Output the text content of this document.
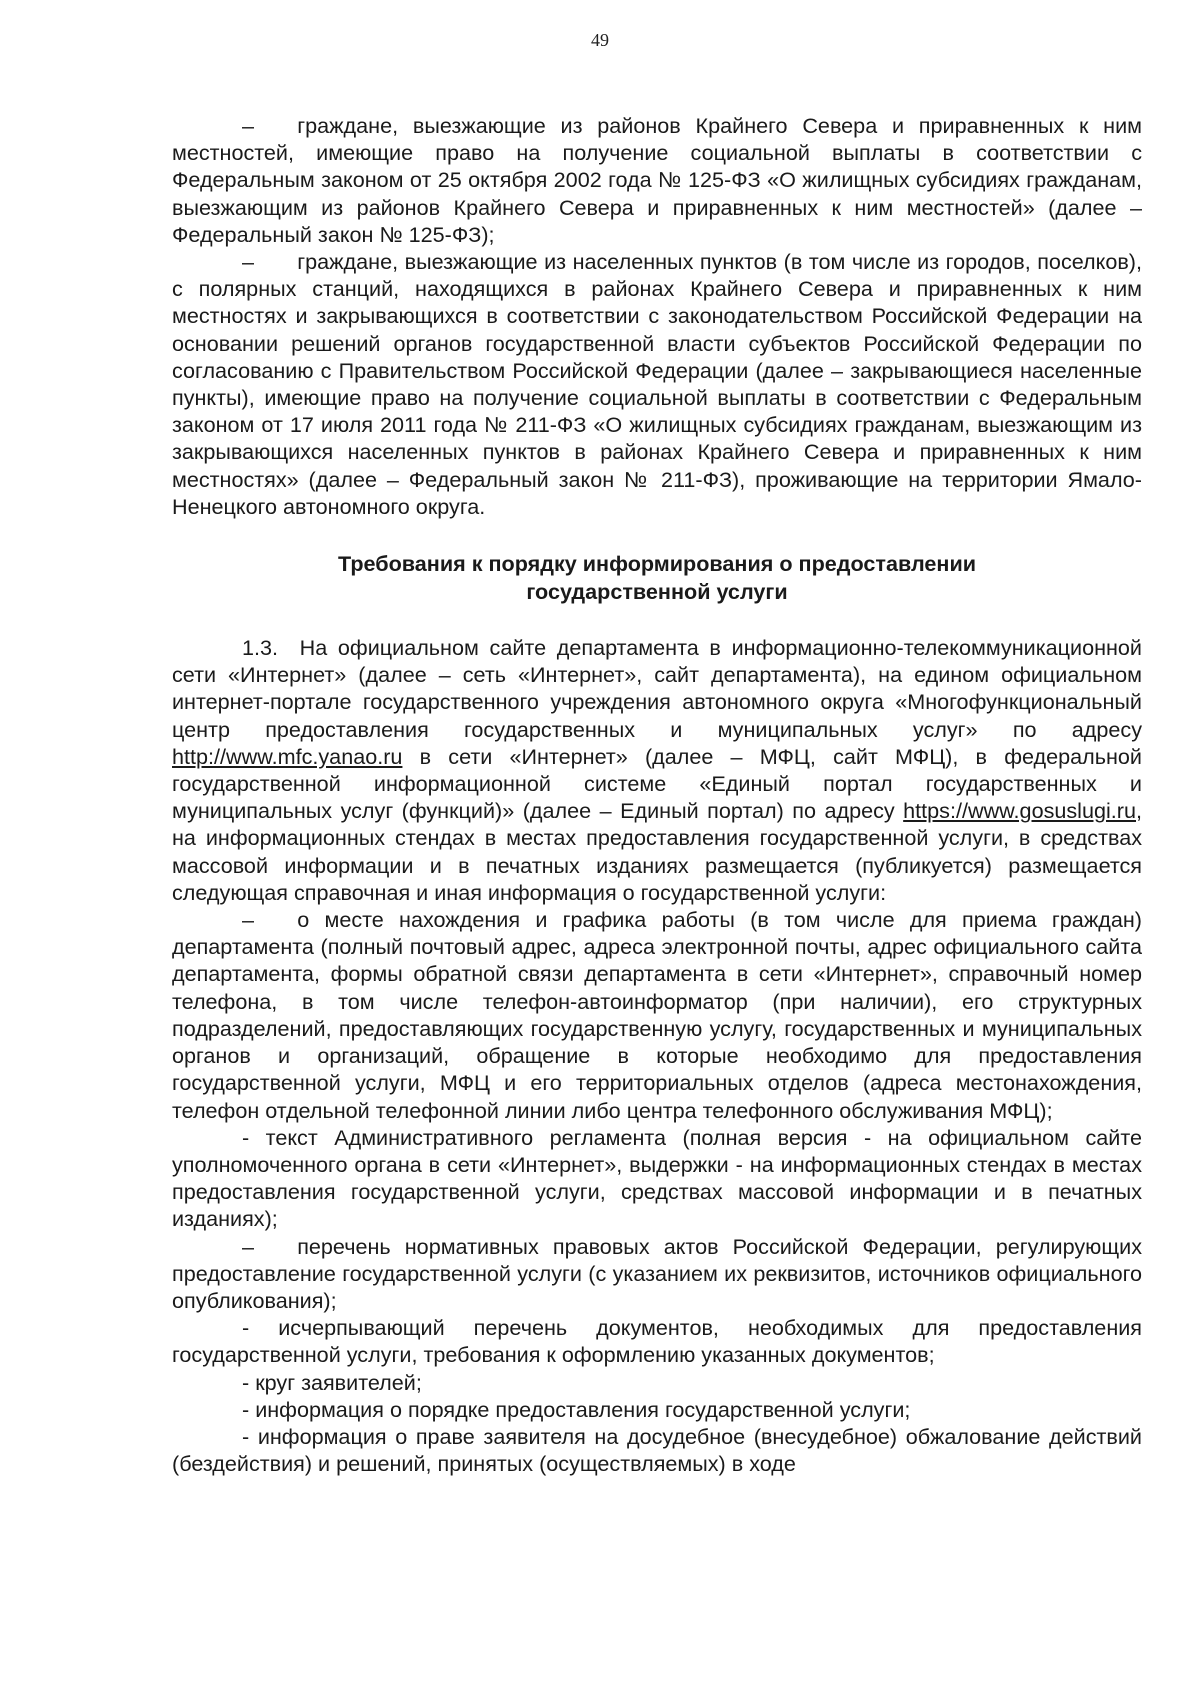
49

–  граждане, выезжающие из районов Крайнего Севера и приравненных к ним местностей, имеющие право на получение социальной выплаты в соответствии с Федеральным законом от 25 октября 2002 года № 125-ФЗ «О жилищных субсидиях гражданам, выезжающим из районов Крайнего Севера и приравненных к ним местностей» (далее – Федеральный закон № 125-ФЗ);

–  граждане, выезжающие из населенных пунктов (в том числе из городов, поселков), с полярных станций, находящихся в районах Крайнего Севера и приравненных к ним местностях и закрывающихся в соответствии с законодательством Российской Федерации на основании решений органов государственной власти субъектов Российской Федерации по согласованию с Правительством Российской Федерации (далее – закрывающиеся населенные пункты), имеющие право на получение социальной выплаты в соответствии с Федеральным законом от 17 июля 2011 года № 211-ФЗ «О жилищных субсидиях гражданам, выезжающим из закрывающихся населенных пунктов в районах Крайнего Севера и приравненных к ним местностях» (далее – Федеральный закон № 211-ФЗ), проживающие на территории Ямало-Ненецкого автономного округа.

Требования к порядку информирования о предоставлении
государственной услуги

1.3. На официальном сайте департамента в информационно-телекоммуникационной сети «Интернет» (далее – сеть «Интернет», сайт департамента), на едином официальном интернет-портале государственного учреждения автономного округа «Многофункциональный центр предоставления государственных и муниципальных услуг» по адресу http://www.mfc.yanao.ru в сети «Интернет» (далее – МФЦ, сайт МФЦ), в федеральной государственной информационной системе «Единый портал государственных и муниципальных услуг (функций)» (далее – Единый портал) по адресу https://www.gosuslugi.ru, на информационных стендах в местах предоставления государственной услуги, в средствах массовой информации и в печатных изданиях размещается (публикуется) размещается следующая справочная и иная информация о государственной услуги:

–  о месте нахождения и графика работы (в том числе для приема граждан) департамента (полный почтовый адрес, адреса электронной почты, адрес официального сайта департамента, формы обратной связи департамента в сети «Интернет», справочный номер телефона, в том числе телефон-автоинформатор (при наличии), его структурных подразделений, предоставляющих государственную услугу, государственных и муниципальных органов и организаций, обращение в которые необходимо для предоставления государственной услуги, МФЦ и его территориальных отделов (адреса местонахождения, телефон отдельной телефонной линии либо центра телефонного обслуживания МФЦ);

- текст Административного регламента (полная версия - на официальном сайте уполномоченного органа в сети «Интернет», выдержки - на информационных стендах в местах предоставления государственной услуги, средствах массовой информации и в печатных изданиях);

–  перечень нормативных правовых актов Российской Федерации, регулирующих предоставление государственной услуги (с указанием их реквизитов, источников официального опубликования);

- исчерпывающий перечень документов, необходимых для предоставления государственной услуги, требования к оформлению указанных документов;

- круг заявителей;

- информация о порядке предоставления государственной услуги;

- информация о праве заявителя на досудебное (внесудебное) обжалование действий (бездействия) и решений, принятых (осуществляемых) в ходе
